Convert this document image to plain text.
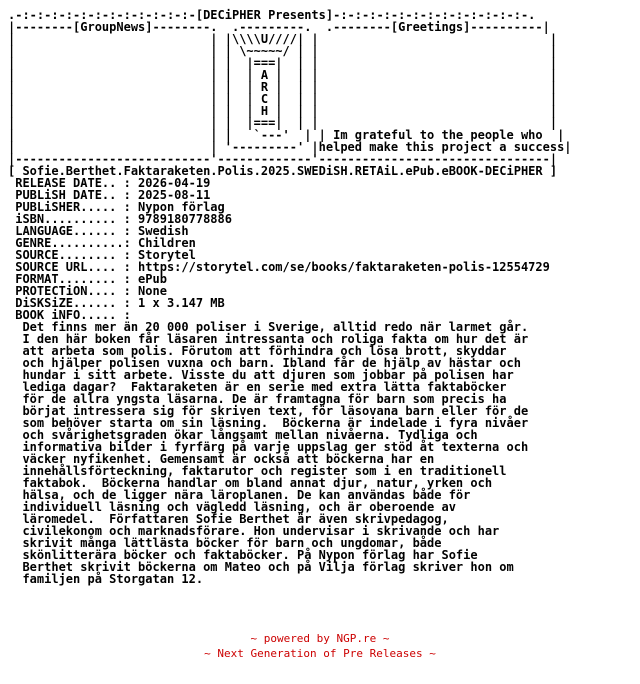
.-:-:-:-:-:-:-:-:-:-:-:-:-[DECiPHER Presents]-:-:-:-:-:-:-:-:-:-:-:-:-:-.
|--------[GroupNews]--------.  .---------.  .--------[Greetings]----------|
|                           | |\\\\U////| |                                |
|                           | | \~~~~~/ | |                                |
|                           | |  |===|  | |                                |
|                           | |  | A |  | |                                |
|                           | |  | R |  | |                                |
|                           | |  | C |  | |                                |
|                           | |  | H |  | |                                |
|                           | |  |===|  | |                                |
|                           | |   `---'  | | Im grateful to the people who  |
|                           | '---------' |helped make this project a success|
|---------------------------'-------------'--------------------------------|
[ Sofie.Berthet.Faktaraketen.Polis.2025.SWEDiSH.RETAiL.ePub.eBOOK-DECiPHER ]
RELEASE DATE.. : 2026-04-19
PUBLiSH DATE.. : 2025-08-11
PUBLiSHER..... : Nypon förlag
iSBN.......... : 9789180778886
LANGUAGE...... : Swedish
GENRE..........: Children
SOURCE........ : Storytel
SOURCE URL.... : https://storytel.com/se/books/faktaraketen-polis-12554729
FORMAT........ : ePub
PROTECTiON.... : None
DiSKSiZE...... : 1 x 3.147 MB
BOOK iNFO..... :
Det finns mer än 20 000 poliser i Sverige, alltid redo när larmet går.
I den här boken får läsaren intressanta och roliga fakta om hur det är
att arbeta som polis. Förutom att förhindra och lösa brott, skyddar
och hjälper polisen vuxna och barn. Ibland får de hjälp av hästar och
hundar i sitt arbete. Visste du att djuren som jobbar på polisen har
lediga dagar?  Faktaraketen är en serie med extra lätta faktaböcker
för de allra yngsta läsarna. De är framtagna för barn som precis ha
börjat intressera sig för skriven text, för läsovana barn eller för de
som behöver starta om sin läsning.  Böckerna är indelade i fyra nivåer
och svårighetsgraden ökar långsamt mellan nivåerna. Tydliga och
informativa bilder i fyrfärg på varje uppslag ger stöd åt texterna och
väcker nyfikenhet. Gemensamt är också att böckerna har en
innehållsförteckning, faktarutor och register som i en traditionell
faktabok.  Böckerna handlar om bland annat djur, natur, yrken och
hälsa, och de ligger nära läroplanen. De kan användas både för
individuell läsning och vägledd läsning, och är oberoende av
läromedel.  Författaren Sofie Berthet är även skrivpedagog,
civilekonom och marknadsförare. Hon undervisar i skrivande och har
skrivit många lättlästa böcker för barn och ungdomar, både
skönlitterära böcker och faktaböcker. På Nypon förlag har Sofie
Berthet skrivit böckerna om Mateo och på Vilja förlag skriver hon om
familjen på Storgatan 12.
~ powered by NGP.re ~
~ Next Generation of Pre Releases ~
